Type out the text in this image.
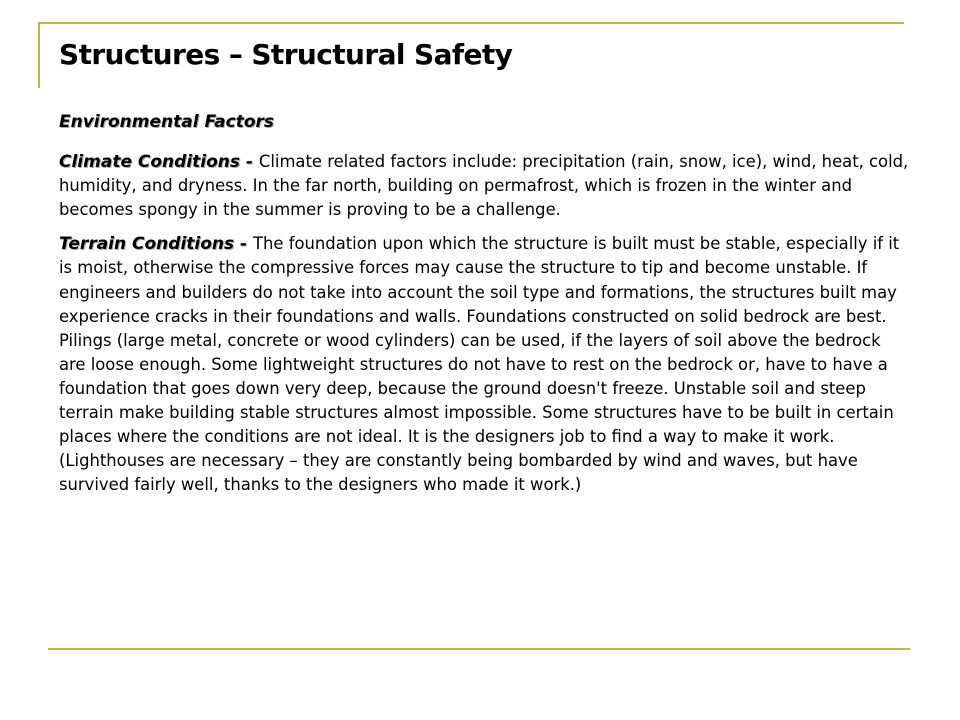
Structures – Structural Safety

Environmental Factors

Climate Conditions - Climate related factors include: precipitation (rain, snow, ice), wind, heat, cold, humidity, and dryness. In the far north, building on permafrost, which is frozen in the winter and becomes spongy in the summer is proving to be a challenge.

Terrain Conditions - The foundation upon which the structure is built must be stable, especially if it is moist, otherwise the compressive forces may cause the structure to tip and become unstable. If engineers and builders do not take into account the soil type and formations, the structures built may experience cracks in their foundations and walls. Foundations constructed on solid bedrock are best. Pilings (large metal, concrete or wood cylinders) can be used, if the layers of soil above the bedrock are loose enough. Some lightweight structures do not have to rest on the bedrock or, have to have a foundation that goes down very deep, because the ground doesn't freeze. Unstable soil and steep terrain make building stable structures almost impossible. Some structures have to be built in certain places where the conditions are not ideal. It is the designers job to find a way to make it work. (Lighthouses are necessary – they are constantly being bombarded by wind and waves, but have survived fairly well, thanks to the designers who made it work.)
